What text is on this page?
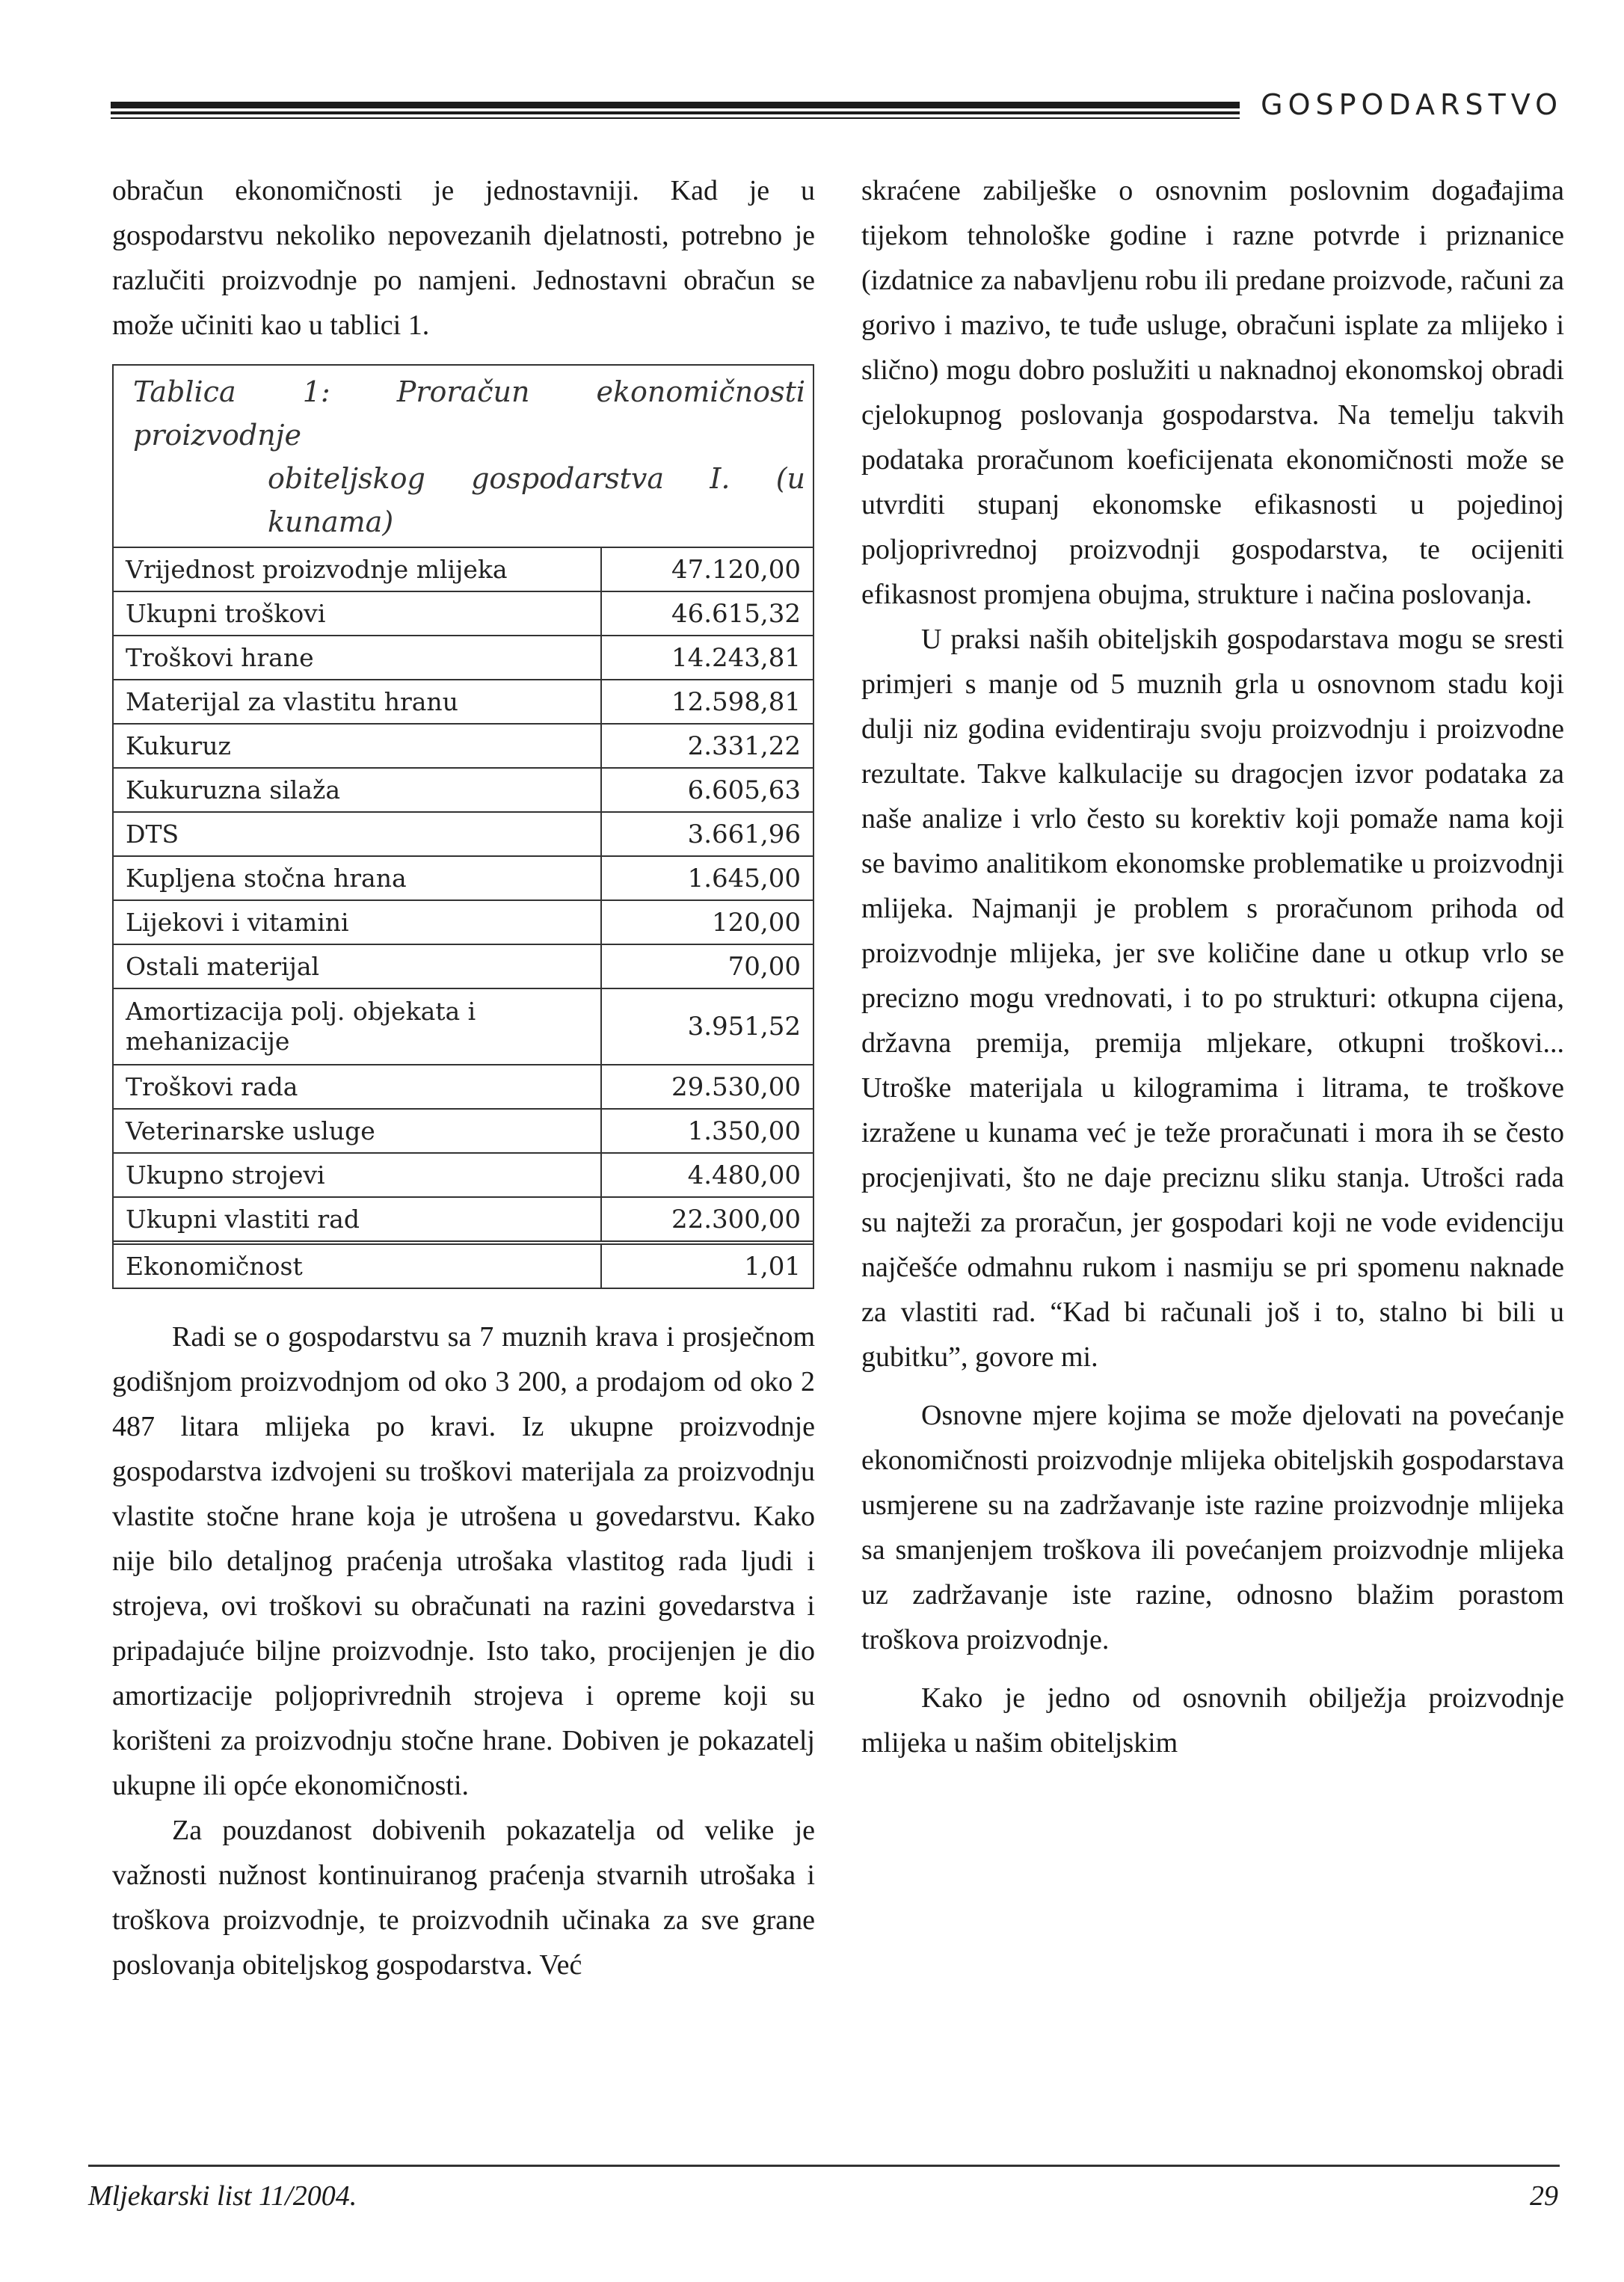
GOSPODARSTVO

obračun ekonomičnosti je jednostavniji. Kad je u gospodarstvu nekoliko nepovezanih djelatnosti, potrebno je razlučiti proizvodnje po namjeni. Jednostavni obračun se može učiniti kao u tablici 1.

Tablica 1: Proračun ekonomičnosti proizvodnje
obiteljskog gospodarstva I. (u kunama)
Vrijednost proizvodnje mlijeka	47.120,00
Ukupni troškovi	46.615,32
Troškovi hrane	14.243,81
Materijal za vlastitu hranu	12.598,81
Kukuruz	2.331,22
Kukuruzna silaža	6.605,63
DTS	3.661,96
Kupljena stočna hrana	1.645,00
Lijekovi i vitamini	120,00
Ostali materijal	70,00
Amortizacija polj. objekata i mehanizacije	3.951,52
Troškovi rada	29.530,00
Veterinarske usluge	1.350,00
Ukupno strojevi	4.480,00
Ukupni vlastiti rad	22.300,00
Ekonomičnost	1,01

Radi se o gospodarstvu sa 7 muznih krava i prosječnom godišnjom proizvodnjom od oko 3 200, a prodajom od oko 2 487 litara mlijeka po kravi. Iz ukupne proizvodnje gospodarstva izdvojeni su troškovi materijala za proizvodnju vlastite stočne hrane koja je utrošena u govedarstvu. Kako nije bilo detaljnog praćenja utrošaka vlastitog rada ljudi i strojeva, ovi troškovi su obračunati na razini govedarstva i pripadajuće biljne proizvodnje. Isto tako, procijenjen je dio amortizacije poljoprivrednih strojeva i opreme koji su korišteni za proizvodnju stočne hrane. Dobiven je pokazatelj ukupne ili opće ekonomičnosti.

Za pouzdanost dobivenih pokazatelja od velike je važnosti nužnost kontinuiranog praćenja stvarnih utrošaka i troškova proizvodnje, te proizvodnih učinaka za sve grane poslovanja obiteljskog gospodarstva. Već

skraćene zabilješke o osnovnim poslovnim događajima tijekom tehnološke godine i razne potvrde i priznanice (izdatnice za nabavljenu robu ili predane proizvode, računi za gorivo i mazivo, te tuđe usluge, obračuni isplate za mlijeko i slično) mogu dobro poslužiti u naknadnoj ekonomskoj obradi cjelokupnog poslovanja gospodarstva. Na temelju takvih podataka proračunom koeficijenata ekonomičnosti može se utvrditi stupanj ekonomske efikasnosti u pojedinoj poljoprivrednoj proizvodnji gospodarstva, te ocijeniti efikasnost promjena obujma, strukture i načina poslovanja.

U praksi naših obiteljskih gospodarstava mogu se sresti primjeri s manje od 5 muznih grla u osnovnom stadu koji dulji niz godina evidentiraju svoju proizvodnju i proizvodne rezultate. Takve kalkulacije su dragocjen izvor podataka za naše analize i vrlo često su korektiv koji pomaže nama koji se bavimo analitikom ekonomske problematike u proizvodnji mlijeka. Najmanji je problem s proračunom prihoda od proizvodnje mlijeka, jer sve količine dane u otkup vrlo se precizno mogu vrednovati, i to po strukturi: otkupna cijena, državna premija, premija mljekare, otkupni troškovi... Utroške materijala u kilogramima i litrama, te troškove izražene u kunama već je teže proračunati i mora ih se često procjenjivati, što ne daje preciznu sliku stanja. Utrošci rada su najteži za proračun, jer gospodari koji ne vode evidenciju najčešće odmahnu rukom i nasmiju se pri spomenu naknade za vlastiti rad. “Kad bi računali još i to, stalno bi bili u gubitku”, govore mi.

Osnovne mjere kojima se može djelovati na povećanje ekonomičnosti proizvodnje mlijeka obiteljskih gospodarstava usmjerene su na zadržavanje iste razine proizvodnje mlijeka sa smanjenjem troškova ili povećanjem proizvodnje mlijeka uz zadržavanje iste razine, odnosno blažim porastom troškova proizvodnje.

Kako je jedno od osnovnih obilježja proizvodnje mlijeka u našim obiteljskim

Mljekarski list 11/2004.	29
